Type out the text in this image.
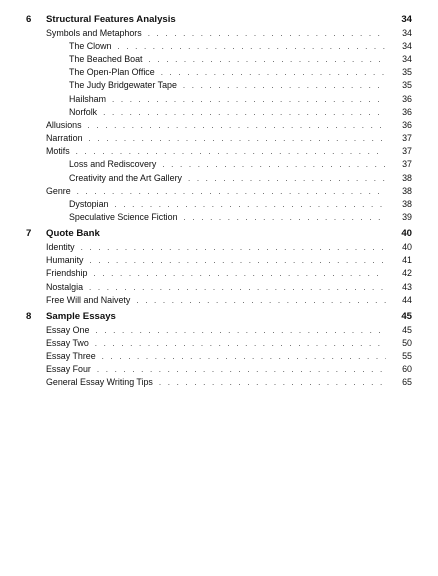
6	Structural Features Analysis	34
Symbols and Metaphors . . .	34
The Clown . . .	34
The Beached Boat . . .	34
The Open-Plan Office . . .	35
The Judy Bridgewater Tape . . .	35
Hailsham . . .	36
Norfolk . . .	36
Allusions . . .	36
Narration . . .	37
Motifs . . .	37
Loss and Rediscovery . . .	37
Creativity and the Art Gallery . . .	38
Genre . . .	38
Dystopian . . .	38
Speculative Science Fiction . . .	39
7	Quote Bank	40
Identity . . .	40
Humanity . . .	41
Friendship . . .	42
Nostalgia . . .	43
Free Will and Naivety . . .	44
8	Sample Essays	45
Essay One . . .	45
Essay Two . . .	50
Essay Three . . .	55
Essay Four . . .	60
General Essay Writing Tips . . .	65
